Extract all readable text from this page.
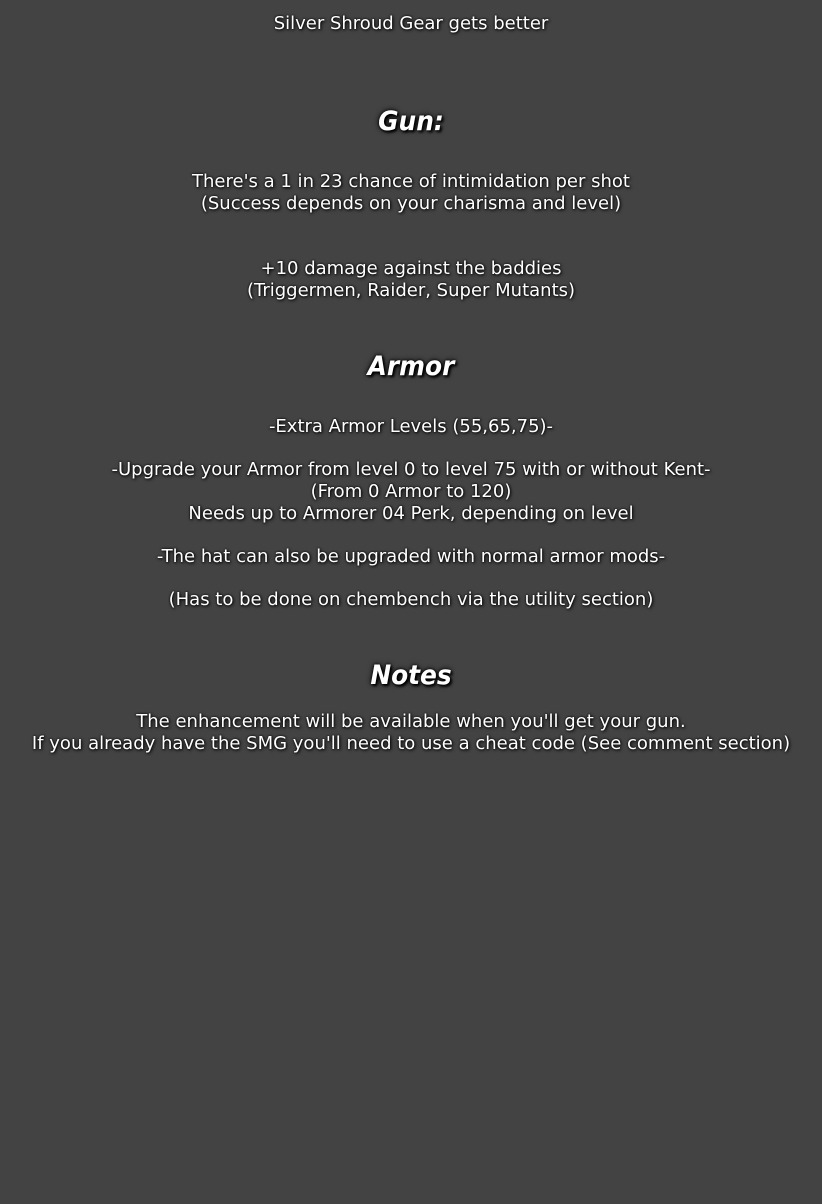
Silver Shroud Gear gets better
Gun:
There's a 1 in 23 chance of intimidation per shot
(Success depends on your charisma and level)
+10 damage against the baddies
(Triggermen, Raider, Super Mutants)
Armor
-Extra Armor Levels (55,65,75)-
-Upgrade your Armor from level 0 to level 75 with or without Kent-
(From 0 Armor to 120)
Needs up to Armorer 04 Perk, depending on level
-The hat can also be upgraded with normal armor mods-
(Has to be done on chembench via the utility section)
Notes
The enhancement will be available when you'll get your gun.
If you already have the SMG you'll need to use a cheat code (See comment section)
